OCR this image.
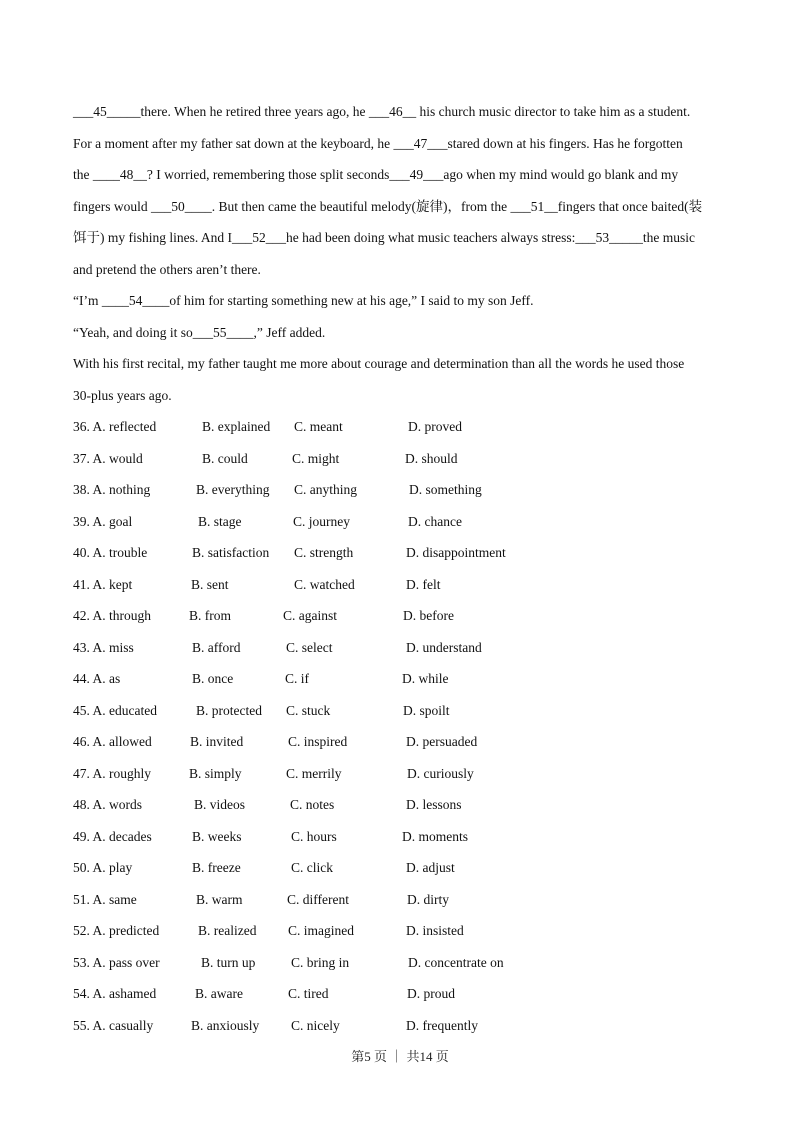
___45_____there. When he retired three years ago, he ___46__ his church music director to take him as a student.
For a moment after my father sat down at the keyboard, he ___47___stared down at his fingers. Has he forgotten
the ____48__? I worried, remembering those split seconds___49___ago when my mind would go blank and my
fingers would ___50____. But then came the beautiful melody(旋律)，from the ___51__fingers that once baited(装
饵于) my fishing lines. And I___52___he had been doing what music teachers always stress:___53_____the music
and pretend the others aren’t there.
“I’m ____54____of him for starting something new at his age,” I said to my son Jeff.
“Yeah, and doing it so___55____,” Jeff added.
With his first recital, my father taught me more about courage and determination than all the words he used those
30-plus years ago.
36. A. reflected	B. explained C. meant	D. proved
37. A. would	B. could	C. might	D. should
38. A. nothing	B. everything C. anything	D. something
39. A. goal	B. stage	C. journey	D. chance
40. A. trouble	B. satisfaction C. strength	D. disappointment
41. A. kept	B. sent	C. watched	D. felt
42. A. through	B. from	C. against	D. before
43. A. miss	B. afford	C. select	D. understand
44. A. as	B. once	C. if	D. while
45. A. educated	B. protected C. stuck	D. spoilt
46. A. allowed	B. invited	C. inspired	D. persuaded
47. A. roughly	B. simply	C. merrily	D. curiously
48. A. words	B. videos	C. notes	D. lessons
49. A. decades	B. weeks	C. hours	D. moments
50. A. play	B. freeze	C. click	D. adjust
51. A. same	B. warm	C. different	D. dirty
52. A. predicted	B. realized C. imagined	D. insisted
53. A. pass over	B. turn up	C. bring in	D. concentrate on
54. A. ashamed	B. aware	C. tired	D. proud
55. A. casually	B. anxiously C. nicely	D. frequently
第5 页 ｜ 共14 页
